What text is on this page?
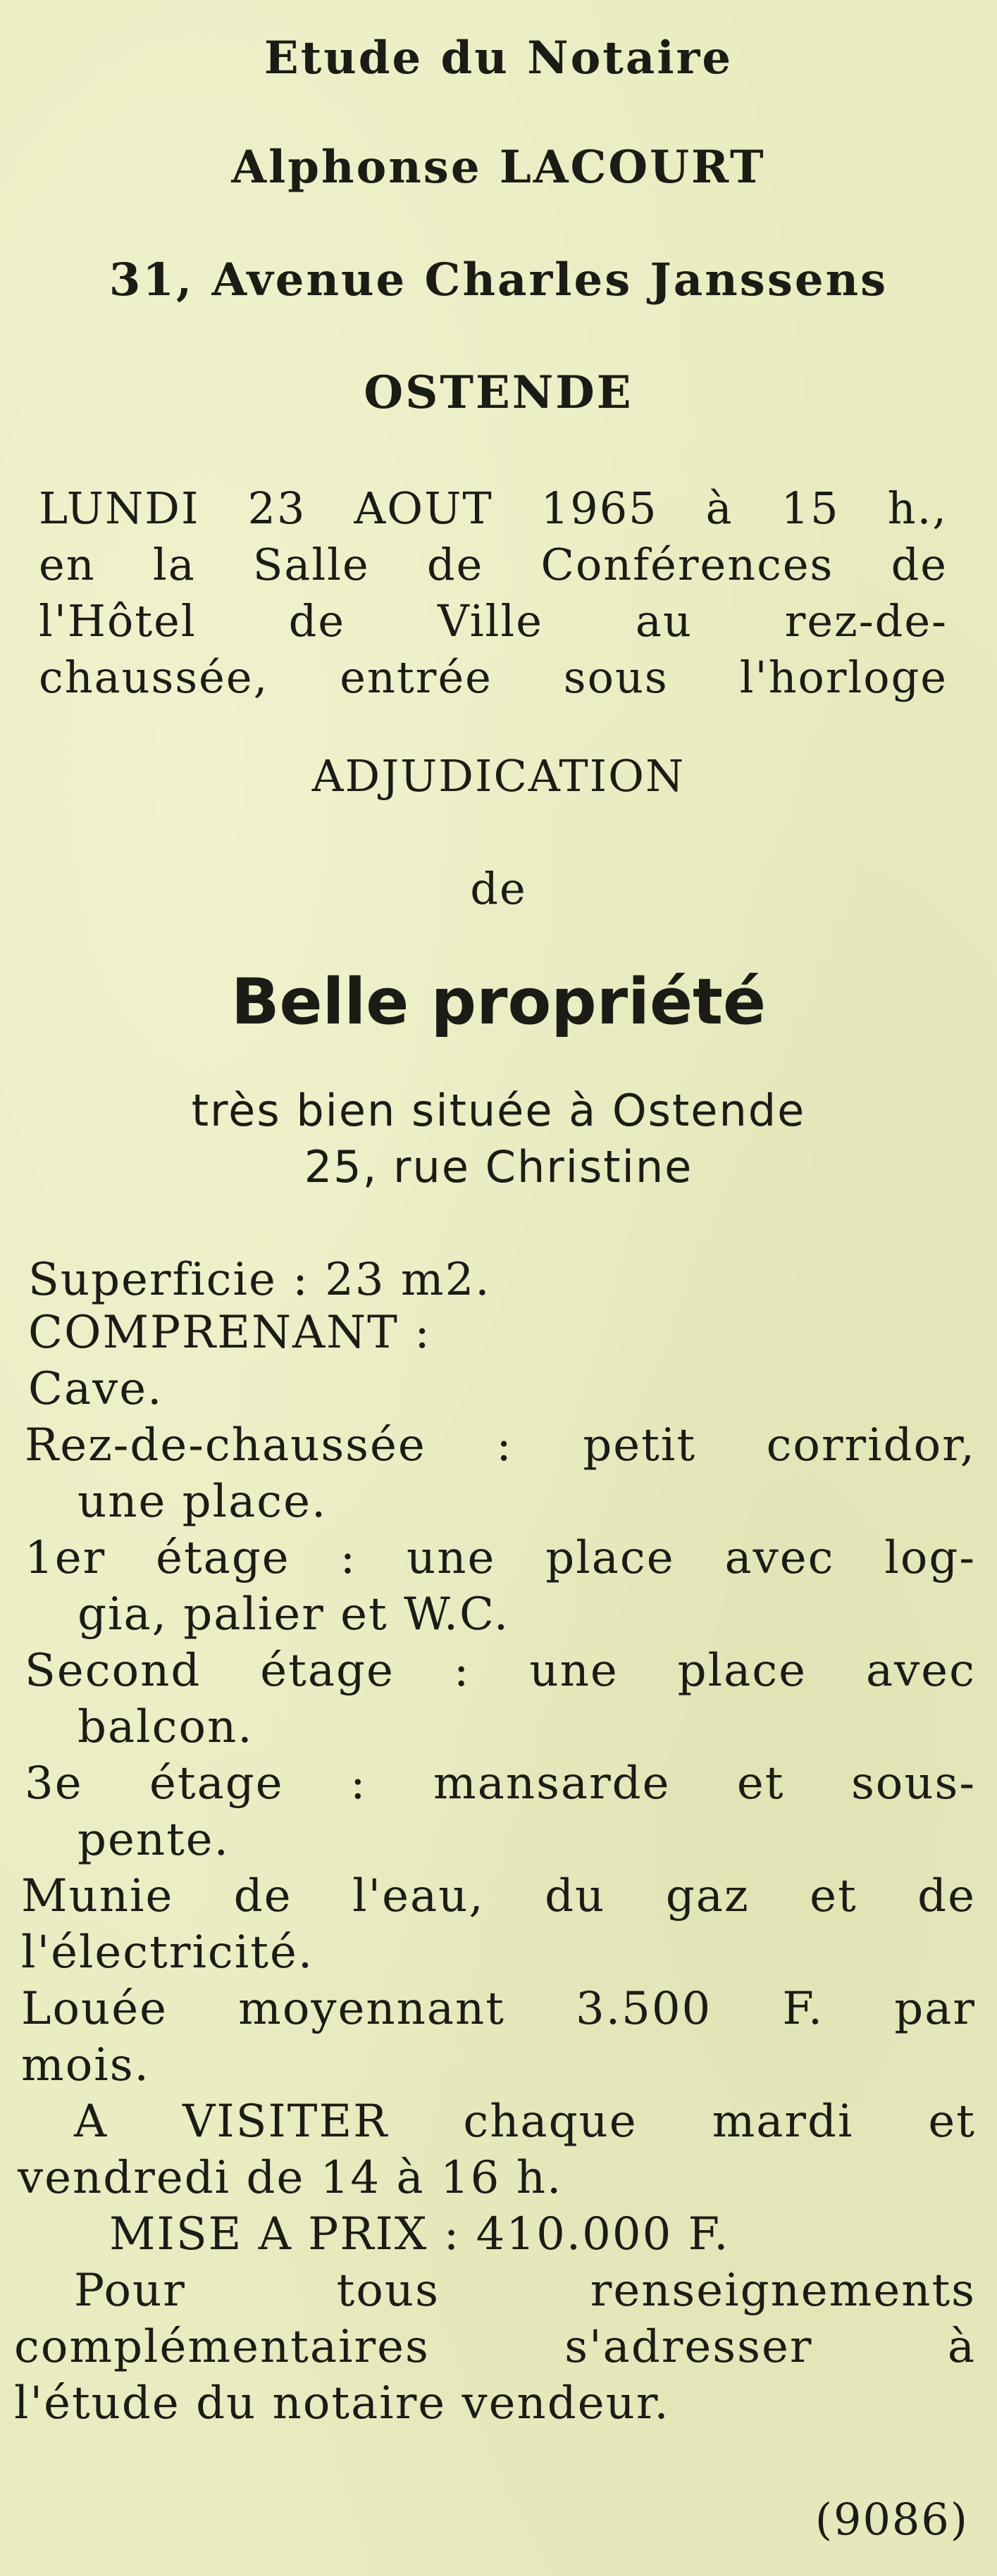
Etude du Notaire
Alphonse LACOURT
31, Avenue Charles Janssens
OSTENDE
LUNDI 23 AOUT 1965 à 15 h.,
en la Salle de Conférences de
l'Hôtel de Ville au rez-de-
chaussée, entrée sous l'horloge
ADJUDICATION
de
Belle propriété
très bien située à Ostende
25, rue Christine
Superficie : 23 m2.
COMPRENANT :
Cave.
Rez-de-chaussée : petit corridor,
une place.
1er étage : une place avec log-
gia, palier et W.C.
Second étage : une place avec
balcon.
3e étage : mansarde et sous-
pente.
Munie de l'eau, du gaz et de
l'électricité.
Louée moyennant 3.500 F. par
mois.
A VISITER chaque mardi et
vendredi de 14 à 16 h.
MISE A PRIX : 410.000 F.
Pour tous renseignements
complémentaires s'adresser à
l'étude du notaire vendeur.
(9086)
